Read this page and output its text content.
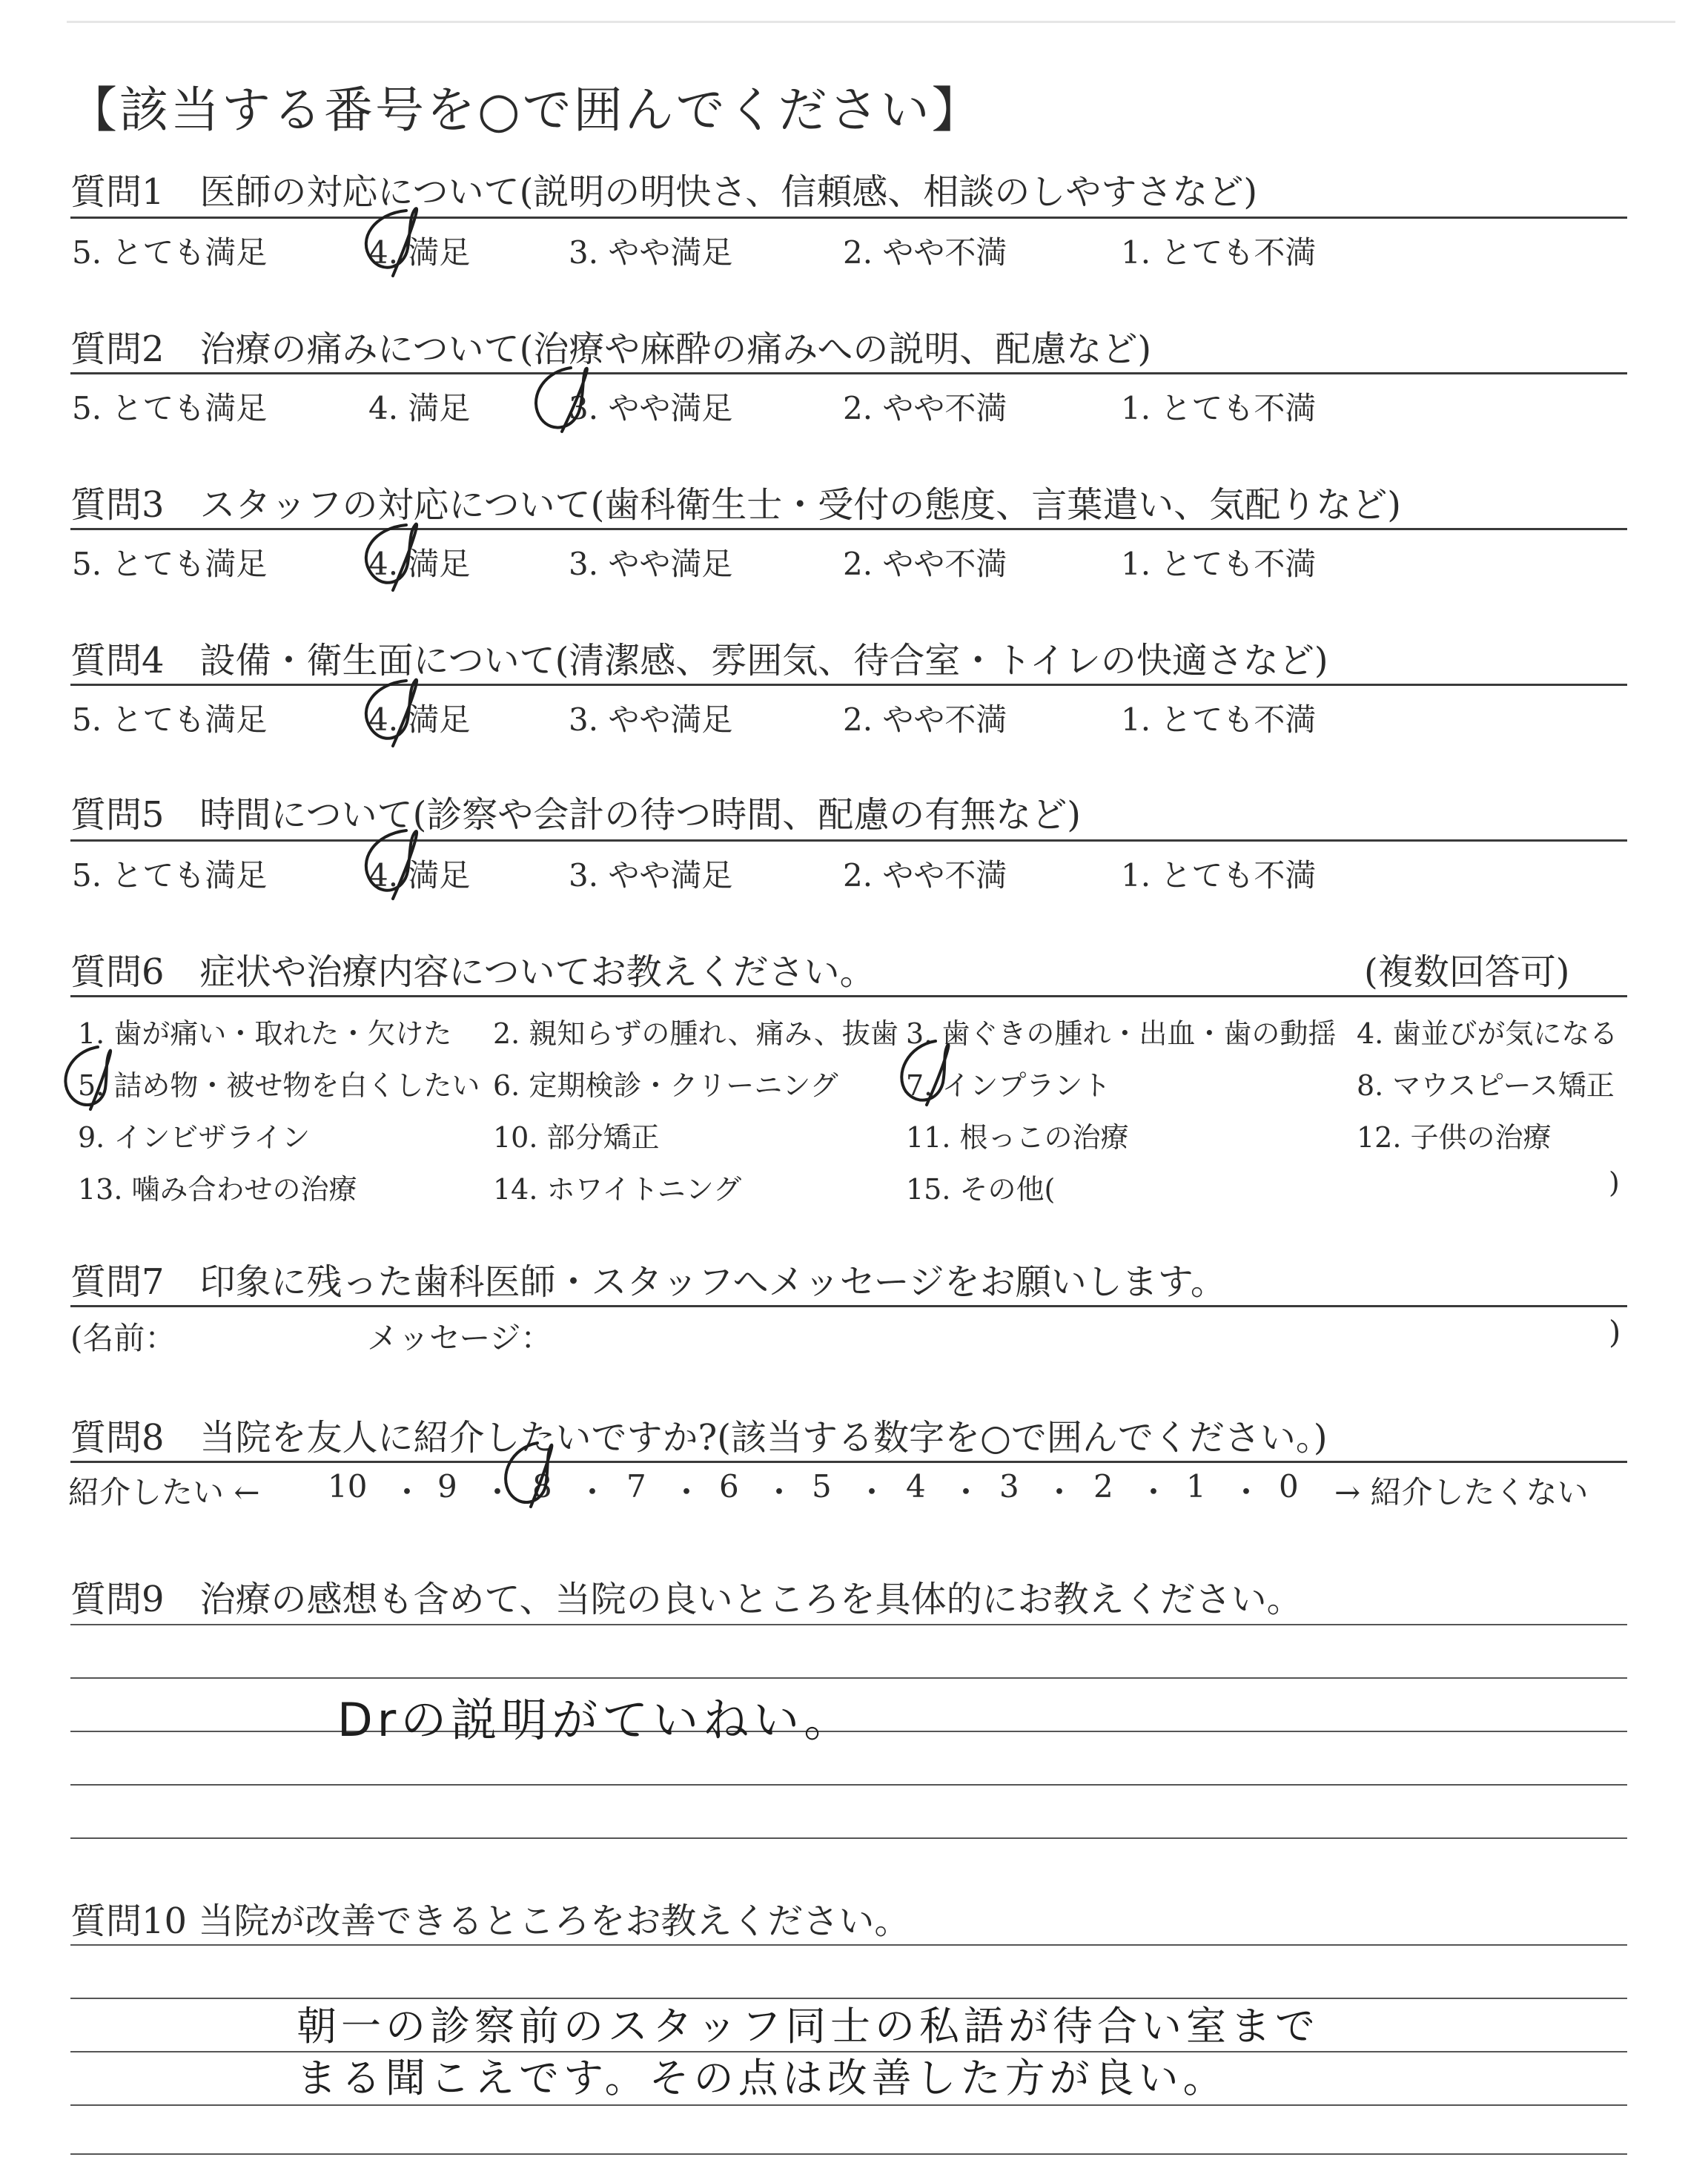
【該当する番号を○で囲んでください】
質問1　医師の対応について(説明の明快さ、信頼感、相談のしやすさなど)
5. とても満足	4. 満足	3. やや満足	2. やや不満	1. とても不満
質問2　治療の痛みについて(治療や麻酔の痛みへの説明、配慮など)
5. とても満足	4. 満足	3. やや満足	2. やや不満	1. とても不満
質問3　スタッフの対応について(歯科衛生士・受付の態度、言葉遣い、気配りなど)
5. とても満足	4. 満足	3. やや満足	2. やや不満	1. とても不満
質問4　設備・衛生面について(清潔感、雰囲気、待合室・トイレの快適さなど)
5. とても満足	4. 満足	3. やや満足	2. やや不満	1. とても不満
質問5　時間について(診察や会計の待つ時間、配慮の有無など)
5. とても満足	4. 満足	3. やや満足	2. やや不満	1. とても不満
質問6　症状や治療内容についてお教えください。	(複数回答可)
1. 歯が痛い・取れた・欠けた 2. 親知らずの腫れ、痛み、抜歯 3. 歯ぐきの腫れ・出血・歯の動揺 4. 歯並びが気になる
5. 詰め物・被せ物を白くしたい 6. 定期検診・クリーニング 7. インプラント	8. マウスピース矯正
9. インビザライン	10. 部分矯正	11. 根っこの治療	12. 子供の治療
13. 噛み合わせの治療	14. ホワイトニング	15. その他(	)
質問7　印象に残った歯科医師・スタッフへメッセージをお願いします。
(名前：	メッセージ：	)
質問8　当院を友人に紹介したいですか?(該当する数字を○で囲んでください。)
紹介したい ← 10 ・ 9 ・ 8 ・ 7 ・ 6 ・ 5 ・ 4 ・ 3 ・ 2 ・ 1 ・ 0 → 紹介したくない
質問9　治療の感想も含めて、当院の良いところを具体的にお教えください。
Drの説明がていねい。
質問10 当院が改善できるところをお教えください。
朝一の診察前のスタッフ同士の私語が待合い室まで
まる聞こえです。その点は改善した方が良い。
